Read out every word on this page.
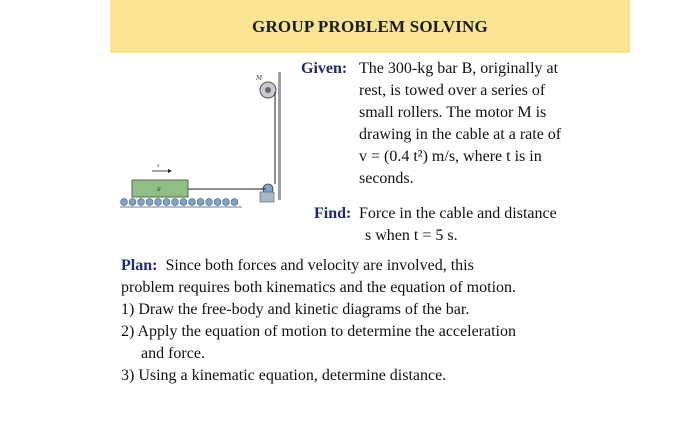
GROUP PROBLEM SOLVING
M
B
s
Given: The 300-kg bar B, originally at
rest, is towed over a series of
small rollers. The motor M is
drawing in the cable at a rate of
v = (0.4 t²) m/s, where t is in
seconds.
Find: Force in the cable and distance
s when t = 5 s.
Plan: Since both forces and velocity are involved, this
problem requires both kinematics and the equation of motion.
1) Draw the free-body and kinetic diagrams of the bar.
2) Apply the equation of motion to determine the acceleration
and force.
3) Using a kinematic equation, determine distance.
